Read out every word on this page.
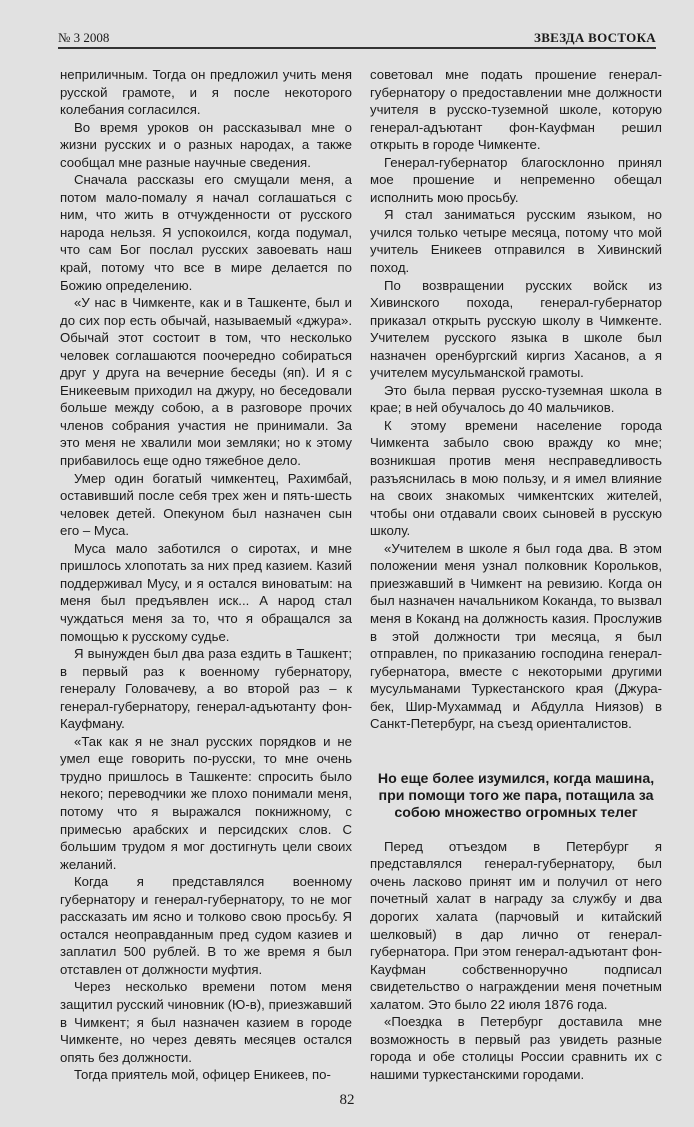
№ 3 2008	ЗВЕЗДА ВОСТОКА

неприличным. Тогда он предложил учить меня русской грамоте, и я после некоторого колебания согласился.

Во время уроков он рассказывал мне о жизни русских и о разных народах, а также сообщал мне разные научные сведения.

Сначала рассказы его смущали меня, а потом мало-помалу я начал соглашаться с ним, что жить в отчужденности от русского народа нельзя. Я успокоился, когда подумал, что сам Бог послал русских завоевать наш край, потому что все в мире делается по Божию определению.

«У нас в Чимкенте, как и в Ташкенте, был и до сих пор есть обычай, называемый «джура». Обычай этот состоит в том, что несколько человек соглашаются поочередно собираться друг у друга на вечерние беседы (яп). И я с Еникеевым приходил на джуру, но беседовали больше между собою, а в разговоре прочих членов собрания участия не принимали. За это меня не хвалили мои земляки; но к этому прибавилось еще одно тяжебное дело.

Умер один богатый чимкентец, Рахимбай, оставивший после себя трех жен и пять-шесть человек детей. Опекуном был назначен сын его – Муса.

Муса мало заботился о сиротах, и мне пришлось хлопотать за них пред казием. Казий поддерживал Мусу, и я остался виноватым: на меня был предъявлен иск... А народ стал чуждаться меня за то, что я обращался за помощью к русскому судье.

Я вынужден был два раза ездить в Ташкент; в первый раз к военному губернатору, генералу Головачеву, а во второй раз – к генерал-губернатору, генерал-адъютанту фон-Кауфману.

«Так как я не знал русских порядков и не умел еще говорить по-русски, то мне очень трудно пришлось в Ташкенте: спросить было некого; переводчики же плохо понимали меня, потому что я выражался покнижному, с примесью арабских и персидских слов. С большим трудом я мог достигнуть цели своих желаний.

Когда я представлялся военному губернатору и генерал-губернатору, то не мог рассказать им ясно и толково свою просьбу. Я остался неоправданным пред судом казиев и заплатил 500 рублей. В то же время я был отставлен от должности муфтия.

Через несколько времени потом меня защитил русский чиновник (Ю-в), приезжавший в Чимкент; я был назначен казием в городе Чимкенте, но через девять месяцев остался опять без должности.

Тогда приятель мой, офицер Еникеев, по-

советовал мне подать прошение генерал-губернатору о предоставлении мне должности учителя в русско-туземной школе, которую генерал-адъютант фон-Кауфман решил открыть в городе Чимкенте.

Генерал-губернатор благосклонно принял мое прошение и непременно обещал исполнить мою просьбу.

Я стал заниматься русским языком, но учился только четыре месяца, потому что мой учитель Еникеев отправился в Хивинский поход.

По возвращении русских войск из Хивинского похода, генерал-губернатор приказал открыть русскую школу в Чимкенте. Учителем русского языка в школе был назначен оренбургский киргиз Хасанов, а я учителем мусульманской грамоты.

Это была первая русско-туземная школа в крае; в ней обучалось до 40 мальчиков.

К этому времени население города Чимкента забыло свою вражду ко мне; возникшая против меня несправедливость разъяснилась в мою пользу, и я имел влияние на своих знакомых чимкентских жителей, чтобы они отдавали своих сыновей в русскую школу.

«Учителем в школе я был года два. В этом положении меня узнал полковник Корольков, приезжавший в Чимкент на ревизию. Когда он был назначен начальником Коканда, то вызвал меня в Коканд на должность казия. Прослужив в этой должности три месяца, я был отправлен, по приказанию господина генерал-губернатора, вместе с некоторыми другими мусульманами Туркестанского края (Джура-бек, Шир-Мухаммад и Абдулла Ниязов) в Санкт-Петербург, на съезд ориенталистов.

Но еще более изумился, когда машина, при помощи того же пара, потащила за собою множество огромных телег

Перед отъездом в Петербург я представлялся генерал-губернатору, был очень ласково принят им и получил от него почетный халат в награду за службу и два дорогих халата (парчовый и китайский шелковый) в дар лично от генерал-губернатора. При этом генерал-адъютант фон-Кауфман собственноручно подписал свидетельство о награждении меня почетным халатом. Это было 22 июля 1876 года.

«Поездка в Петербург доставила мне возможность в первый раз увидеть разные города и обе столицы России сравнить их с нашими туркестанскими городами.

82
